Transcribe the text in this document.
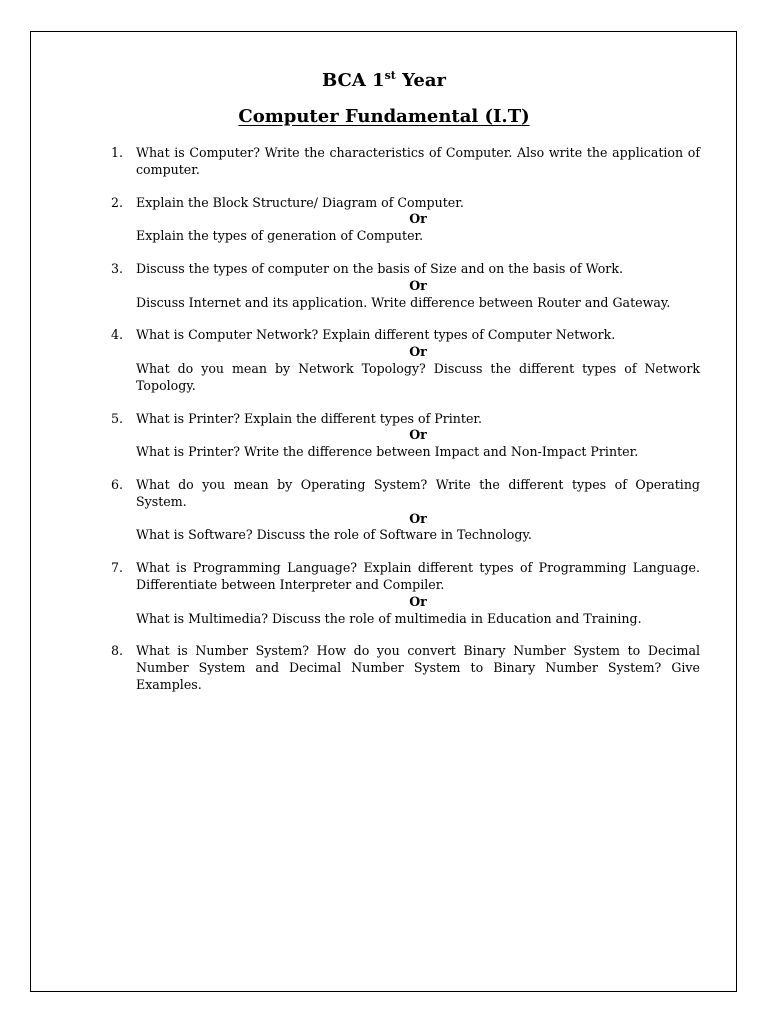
BCA 1st Year
Computer Fundamental (I.T)
1.	What is Computer? Write the characteristics of Computer. Also write the application of computer.

2.	Explain the Block Structure/ Diagram of Computer.

Or

Explain the types of generation of Computer.

3.	Discuss the types of computer on the basis of Size and on the basis of Work.

Or

Discuss Internet and its application. Write difference between Router and Gateway.

4.	What is Computer Network? Explain different types of Computer Network.

Or

What do you mean by Network Topology? Discuss the different types of Network Topology.

5.	What is Printer? Explain the different types of Printer.

Or

What is Printer? Write the difference between Impact and Non-Impact Printer.

6.	What do you mean by Operating System? Write the different types of Operating System.

Or

What is Software? Discuss the role of Software in Technology.

7.	What is Programming Language? Explain different types of Programming Language. Differentiate between Interpreter and Compiler.

Or

What is Multimedia? Discuss the role of multimedia in Education and Training.

8.	What is Number System? How do you convert Binary Number System to Decimal Number System and Decimal Number System to Binary Number System? Give Examples.
